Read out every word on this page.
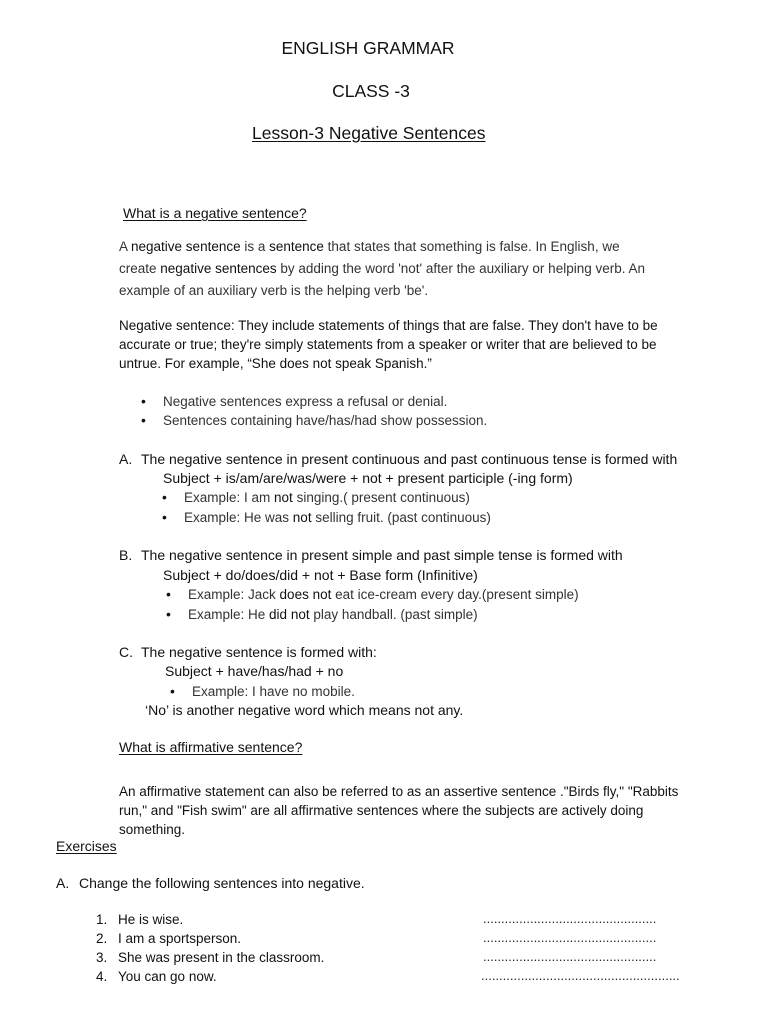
ENGLISH GRAMMAR
CLASS -3
Lesson-3 Negative Sentences
What is a negative sentence?
A negative sentence is a sentence that states that something is false. In English, we
create negative sentences by adding the word 'not' after the auxiliary or helping verb. An
example of an auxiliary verb is the helping verb 'be'.
Negative sentence: They include statements of things that are false. They don't have to be
accurate or true; they're simply statements from a speaker or writer that are believed to be
untrue. For example, “She does not speak Spanish.”
• Negative sentences express a refusal or denial.
• Sentences containing have/has/had show possession.
A. The negative sentence in present continuous and past continuous tense is formed with
Subject + is/am/are/was/were + not + present participle (-ing form)
• Example: I am not singing.( present continuous)
• Example: He was not selling fruit. (past continuous)
B. The negative sentence in present simple and past simple tense is formed with
Subject + do/does/did + not + Base form (Infinitive)
• Example: Jack does not eat ice-cream every day.(present simple)
• Example: He did not play handball. (past simple)
C. The negative sentence is formed with:
Subject + have/has/had + no
• Example: I have no mobile.
‘No’ is another negative word which means not any.
What is affirmative sentence?
An affirmative statement can also be referred to as an assertive sentence ."Birds fly," "Rabbits
run," and "Fish swim" are all affirmative sentences where the subjects are actively doing
something.
Exercises
A. Change the following sentences into negative.
1. He is wise.	................................................
2. I am a sportsperson.	................................................
3. She was present in the classroom.	................................................
4. You can go now.	.......................................................
